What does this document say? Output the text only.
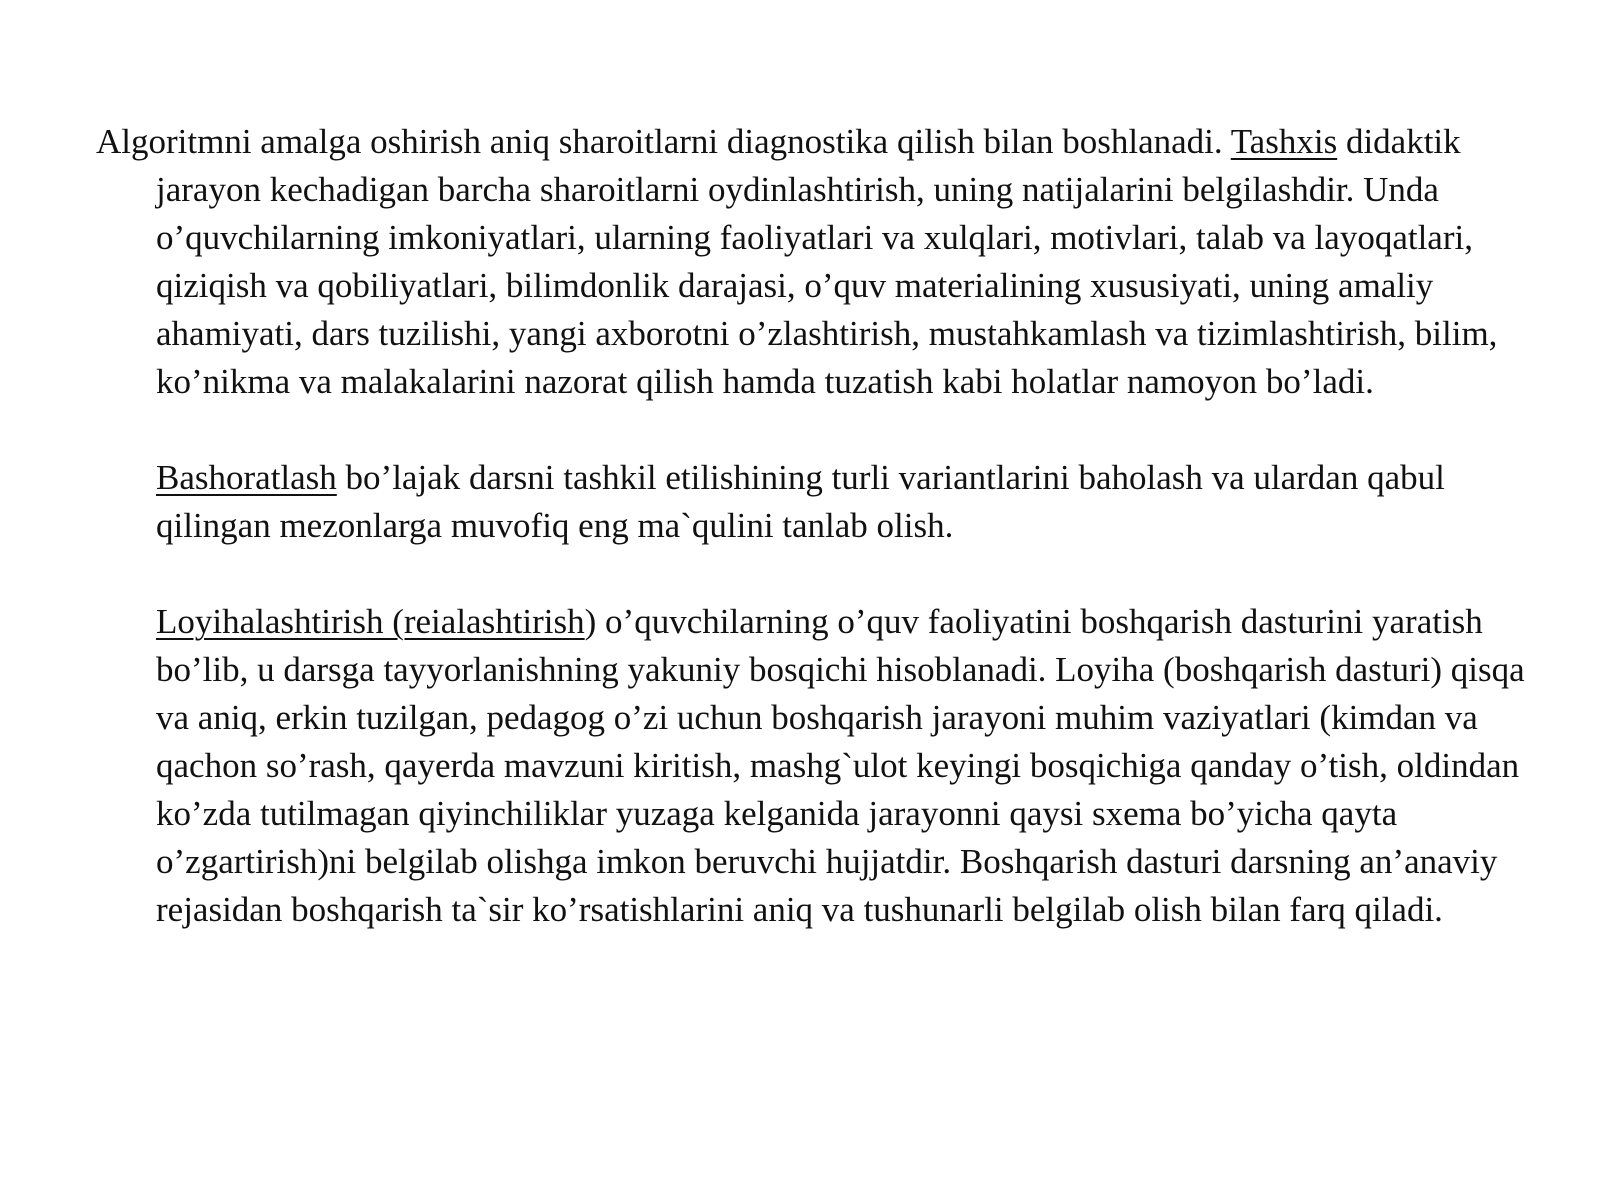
Algoritmni amalga oshirish aniq sharoitlarni diagnostika qilish bilan boshlanadi. Tashxis didaktik jarayon kechadigan barcha sharoitlarni oydinlashtirish, uning natijalarini belgilashdir. Unda o’quvchilarning imkoniyatlari, ularning faoliyatlari va xulqlari, motivlari, talab va layoqatlari, qiziqish va qobiliyatlari, bilimdonlik darajasi, o’quv materialining xususiyati, uning amaliy ahamiyati, dars tuzilishi, yangi axborotni o’zlashtirish, mustahkamlash va tizimlashtirish, bilim, ko’nikma va malakalarini nazorat qilish hamda tuzatish kabi holatlar namoyon bo’ladi.

Bashoratlash bo’lajak darsni tashkil etilishining turli variantlarini baholash va ulardan qabul qilingan mezonlarga muvofiq eng ma`qulini tanlab olish.

Loyihalashtirish (reialashtirish) o’quvchilarning o’quv faoliyatini boshqarish dasturini yaratish bo’lib, u darsga tayyorlanishning yakuniy bosqichi hisoblanadi. Loyiha (boshqarish dasturi) qisqa va aniq, erkin tuzilgan, pedagog o’zi uchun boshqarish jarayoni muhim vaziyatlari (kimdan va qachon so’rash, qayerda mavzuni kiritish, mashg`ulot keyingi bosqichiga qanday o’tish, oldindan ko’zda tutilmagan qiyinchiliklar yuzaga kelganida jarayonni qaysi sxema bo’yicha qayta o’zgartirish)ni belgilab olishga imkon beruvchi hujjatdir. Boshqarish dasturi darsning an’anaviy rejasidan boshqarish ta`sir ko’rsatishlarini aniq va tushunarli belgilab olish bilan farq qiladi.
